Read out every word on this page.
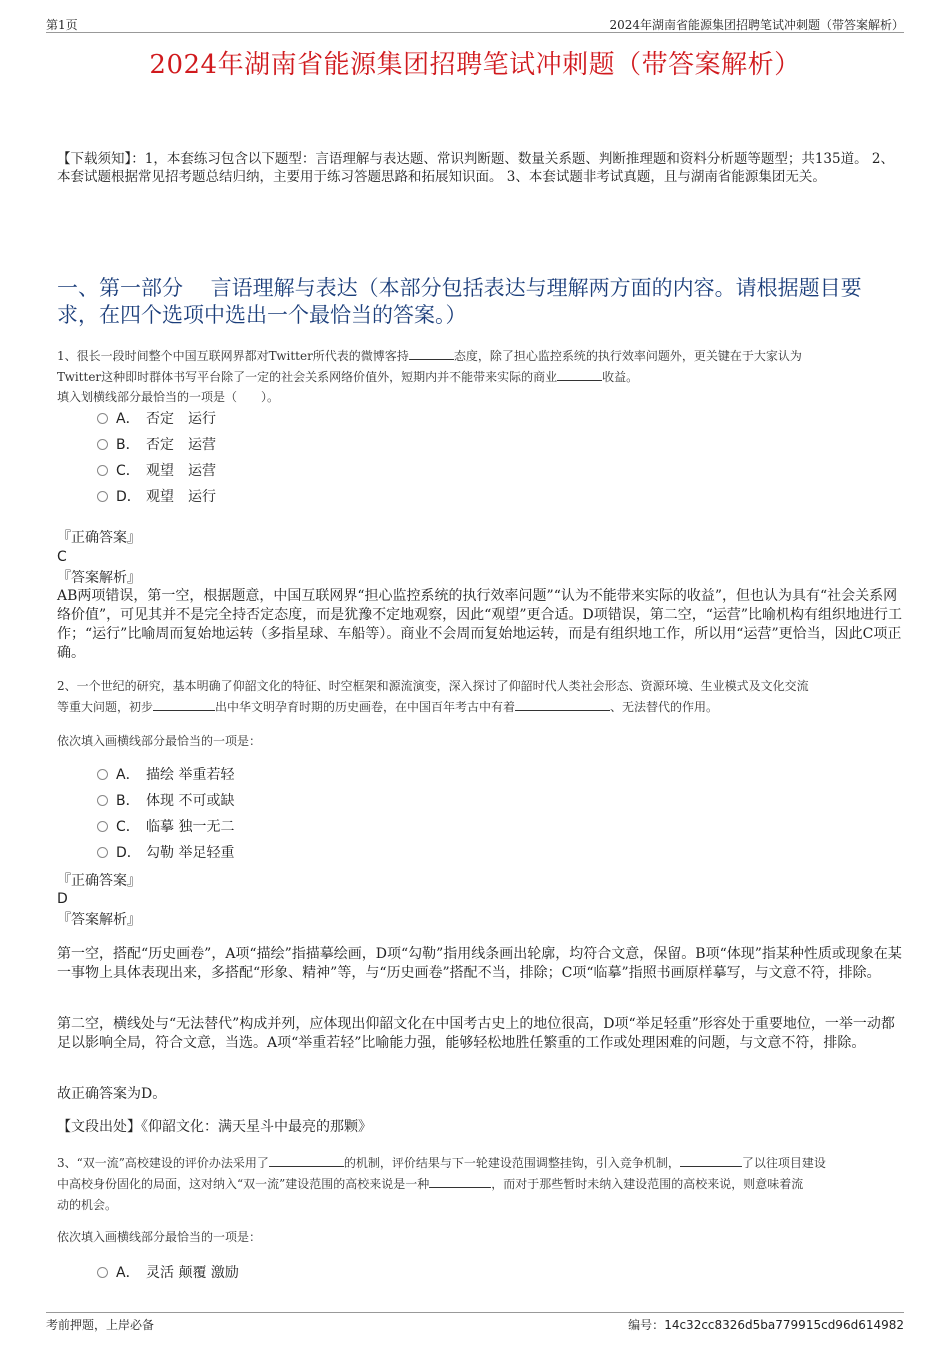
第1页	2024年湖南省能源集团招聘笔试冲刺题（带答案解析）
2024年湖南省能源集团招聘笔试冲刺题（带答案解析）
【下载须知】：1，本套练习包含以下题型：言语理解与表达题、常识判断题、数量关系题、判断推理题和资料分析题等题型；共135道。 2、本套试题根据常见招考题总结归纳，主要用于练习答题思路和拓展知识面。 3、本套试题非考试真题，且与湖南省能源集团无关。
一、第一部分　 言语理解与表达（本部分包括表达与理解两方面的内容。请根据题目要求，在四个选项中选出一个最恰当的答案。）
1、很长一段时间整个中国互联网界都对Twitter所代表的微博客持	态度，除了担心监控系统的执行效率问题外，更关键在于大家认为
Twitter这种即时群体书写平台除了一定的社会关系网络价值外，短期内并不能带来实际的商业	收益。
填入划横线部分最恰当的一项是（　　）。
A． 否定　运行
B． 否定　运营
C． 观望　运营
D． 观望　运行
『正确答案』
C
『答案解析』
AB两项错误，第一空，根据题意，中国互联网界“担心监控系统的执行效率问题”“认为不能带来实际的收益”，但也认为具有“社会关系网络价值”，可见其并不是完全持否定态度，而是犹豫不定地观察，因此“观望”更合适。D项错误，第二空，“运营”比喻机构有组织地进行工作；“运行”比喻周而复始地运转（多指星球、车船等）。商业不会周而复始地运转，而是有组织地工作，所以用“运营”更恰当，因此C项正确。
2、一个世纪的研究，基本明确了仰韶文化的特征、时空框架和源流演变，深入探讨了仰韶时代人类社会形态、资源环境、生业模式及文化交流
等重大问题，初步	出中华文明孕育时期的历史画卷，在中国百年考古中有着	、无法替代的作用。
依次填入画横线部分最恰当的一项是：
A． 描绘 举重若轻
B． 体现 不可或缺
C． 临摹 独一无二
D． 勾勒 举足轻重
『正确答案』
D
『答案解析』
第一空，搭配“历史画卷”，A项“描绘”指描摹绘画，D项“勾勒”指用线条画出轮廓，均符合文意，保留。B项“体现”指某种性质或现象在某一事物上具体表现出来，多搭配“形象、精神”等，与“历史画卷”搭配不当，排除；C项“临摹”指照书画原样摹写，与文意不符，排除。
第二空，横线处与“无法替代”构成并列，应体现出仰韶文化在中国考古史上的地位很高，D项“举足轻重”形容处于重要地位，一举一动都足以影响全局，符合文意，当选。A项“举重若轻”比喻能力强，能够轻松地胜任繁重的工作或处理困难的问题，与文意不符，排除。
故正确答案为D。
【文段出处】《仰韶文化：满天星斗中最亮的那颗》
3、“双一流”高校建设的评价办法采用了	的机制，评价结果与下一轮建设范围调整挂钩，引入竞争机制，	了以往项目建设
中高校身份固化的局面，这对纳入“双一流”建设范围的高校来说是一种	，而对于那些暂时未纳入建设范围的高校来说，则意味着流
动的机会。
依次填入画横线部分最恰当的一项是：
A． 灵活 颠覆 激励
考前押题，上岸必备	编号：14c32cc8326d5ba779915cd96d614982
